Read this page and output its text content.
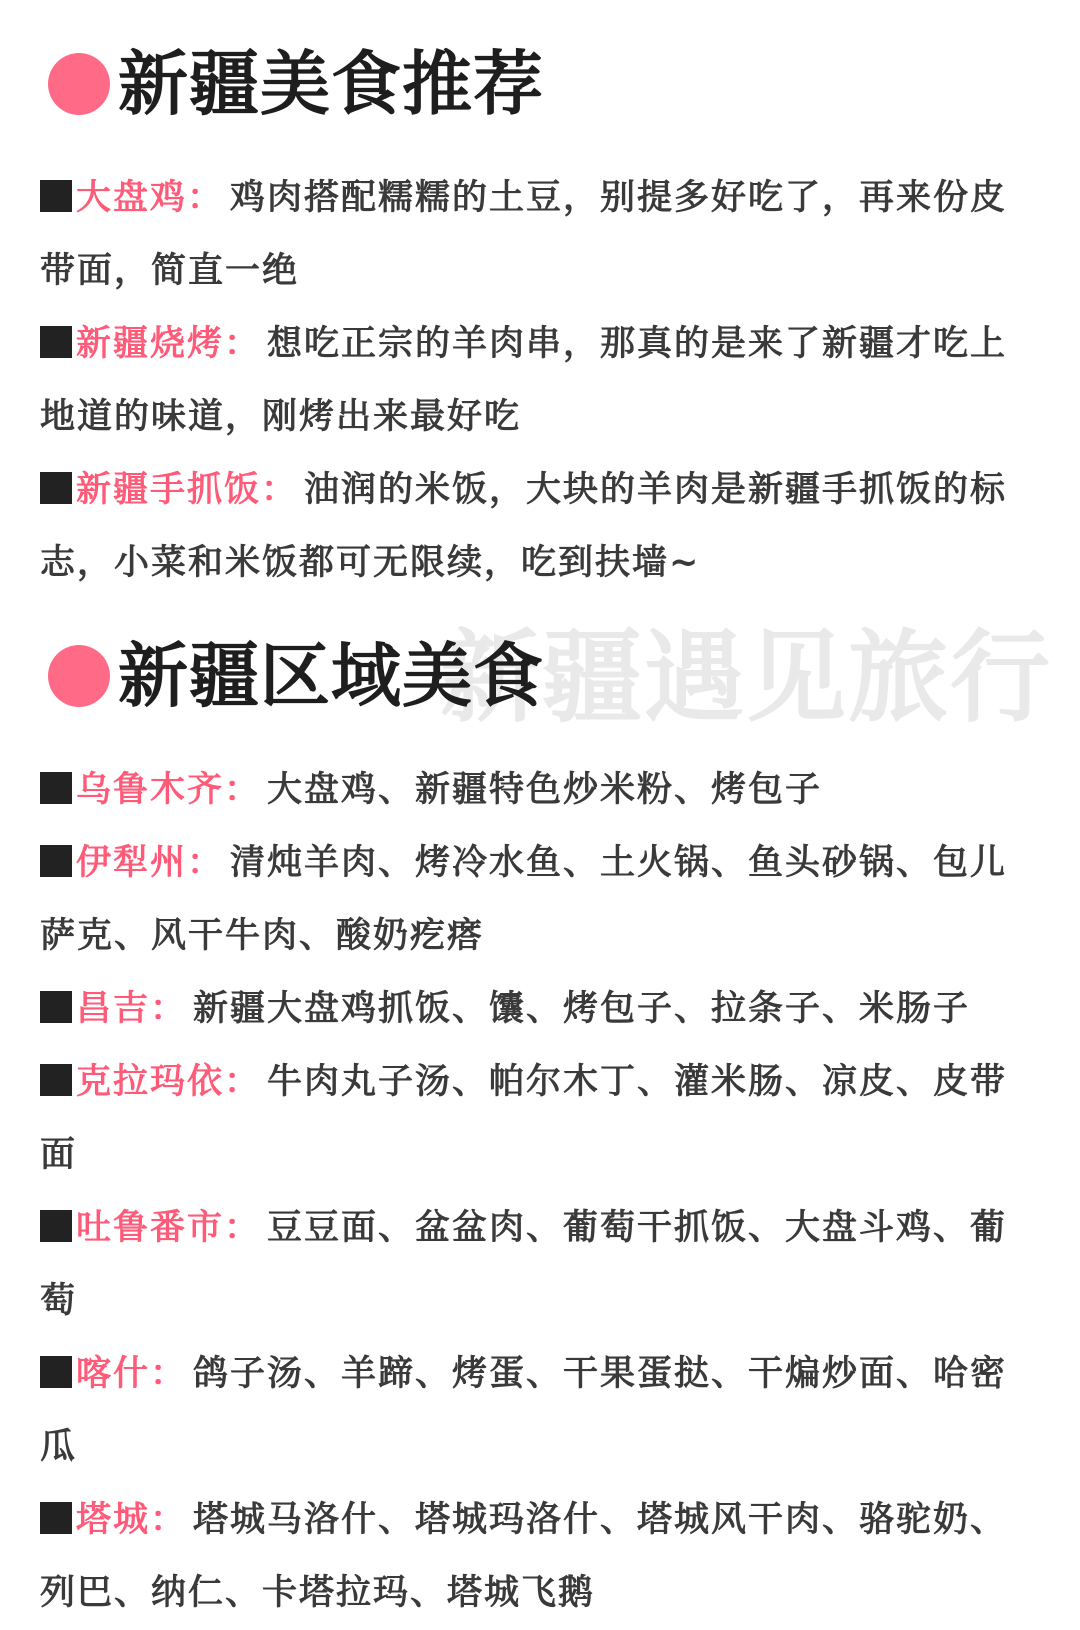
新疆遇见旅行
新疆美食推荐
大盘鸡： 鸡肉搭配糯糯的土豆，别提多好吃了，再来份皮带面，简直一绝
新疆烧烤： 想吃正宗的羊肉串，那真的是来了新疆才吃上地道的味道，刚烤出来最好吃
新疆手抓饭： 油润的米饭，大块的羊肉是新疆手抓饭的标志，小菜和米饭都可无限续，吃到扶墙~
新疆区域美食
乌鲁木齐： 大盘鸡、新疆特色炒米粉、烤包子
伊犁州： 清炖羊肉、烤冷水鱼、土火锅、鱼头砂锅、包儿萨克、风干牛肉、酸奶疙瘩
昌吉： 新疆大盘鸡抓饭、馕、烤包子、拉条子、米肠子
克拉玛依： 牛肉丸子汤、帕尔木丁、灌米肠、凉皮、皮带面
吐鲁番市： 豆豆面、盆盆肉、葡萄干抓饭、大盘斗鸡、葡萄
喀什： 鸽子汤、羊蹄、烤蛋、干果蛋挞、干煸炒面、哈密瓜
塔城： 塔城马洛什、塔城玛洛什、塔城风干肉、骆驼奶、列巴、纳仁、卡塔拉玛、塔城飞鹅
